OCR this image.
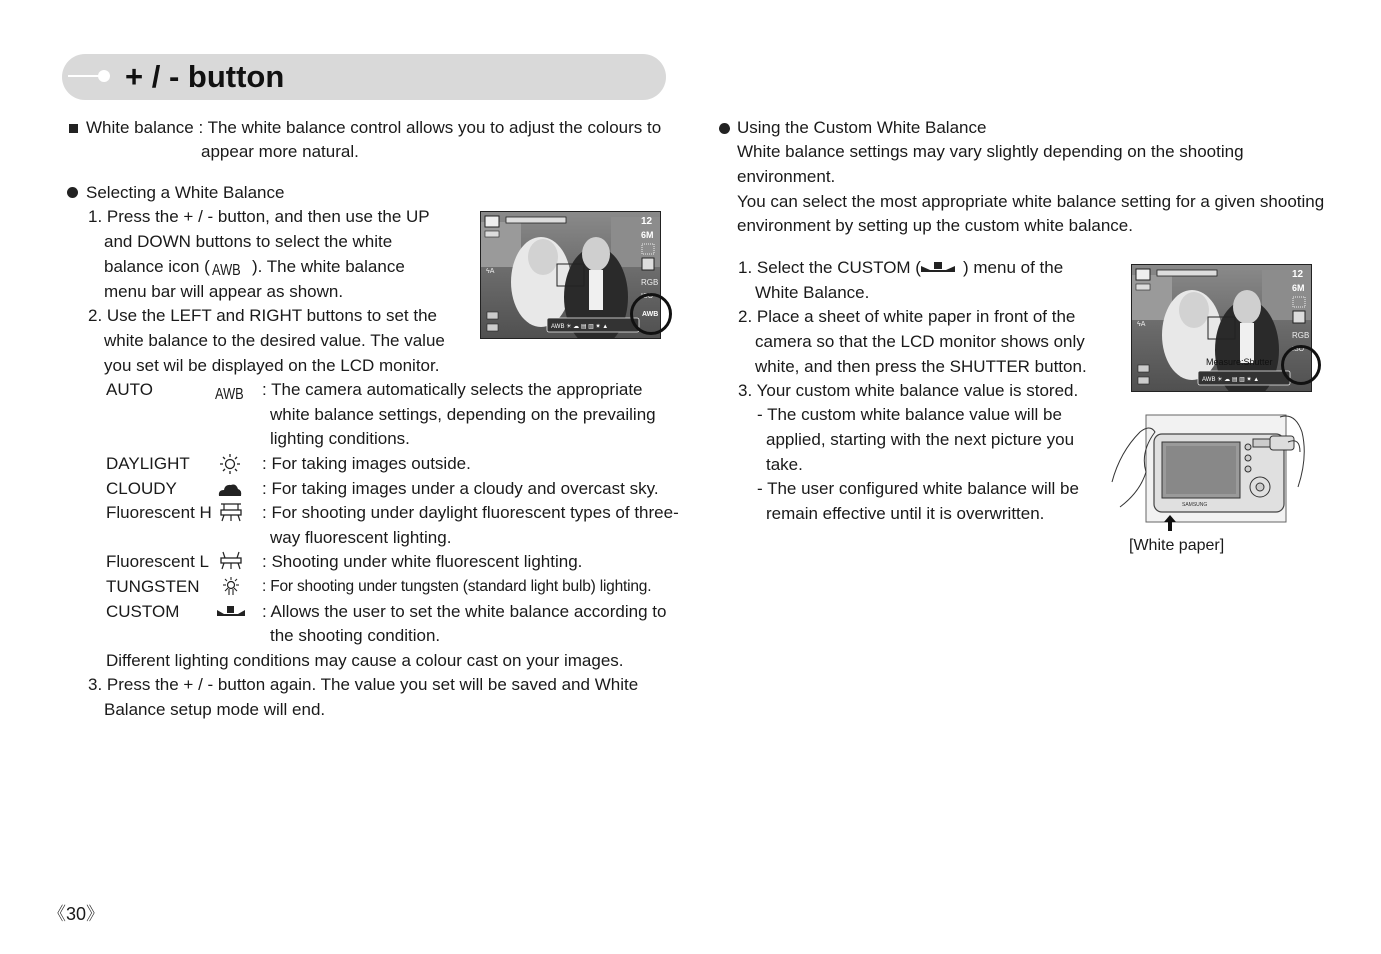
+ / - button
White balance : The white balance control allows you to adjust the colours to
appear more natural.
Selecting a White Balance
1. Press the + / - button, and then use the UP
and DOWN buttons to select the white
balance icon ( AWB ). The white balance
menu bar will appear as shown.
2. Use the LEFT and RIGHT buttons to set the
white balance to the desired value. The value
you set wil be displayed on the LCD monitor.
ϟA
12
6M
RGB
ISO
AWB ☀ ☁ ▤ ▥ ✷ ▲
AWB
AUTO	AWB	: The camera automatically selects the appropriate
white balance settings, depending on the prevailing
lighting conditions.
DAYLIGHT	: For taking images outside.
CLOUDY	: For taking images under a cloudy and overcast sky.
Fluorescent H	: For shooting under daylight fluorescent types of three-
way fluorescent lighting.
Fluorescent L	: Shooting under white fluorescent lighting.
TUNGSTEN	: For shooting under tungsten (standard light bulb) lighting.
CUSTOM	: Allows the user to set the white balance according to
the shooting condition.
Different lighting conditions may cause a colour cast on your images.
3. Press the + / - button again. The value you set will be saved and White
Balance setup mode will end.
Using the Custom White Balance
White balance settings may vary slightly depending on the shooting
environment.
You can select the most appropriate white balance setting for a given shooting
environment by setting up the custom white balance.
1. Select the CUSTOM ( ) menu of the
White Balance.
2. Place a sheet of white paper in front of the
camera so that the LCD monitor shows only
white, and then press the SHUTTER button.
3. Your custom white balance value is stored.
- The custom white balance value will be
applied, starting with the next picture you
take.
- The user configured white balance will be
remain effective until it is overwritten.
ϟA
12
6M
RGB
ISO
Measure:Shutter
AWB ☀ ☁ ▤ ▥ ✷ ▲
SAMSUNG
[White paper]
《30》
